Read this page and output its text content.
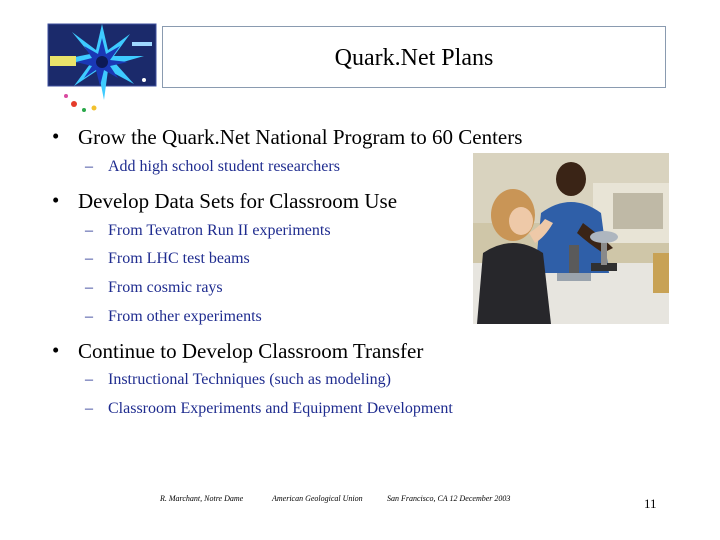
Quark.Net Plans
• Grow the Quark.Net National Program to 60 Centers
– Add high school student researchers
• Develop Data Sets for Classroom Use
– From Tevatron Run II experiments
– From LHC test beams
– From cosmic rays
– From other experiments
• Continue to Develop Classroom Transfer
– Instructional Techniques (such as modeling)
– Classroom Experiments and Equipment Development
R. Marchant, Notre Dame	American Geological Union	San Francisco, CA 12 December 2003	11
